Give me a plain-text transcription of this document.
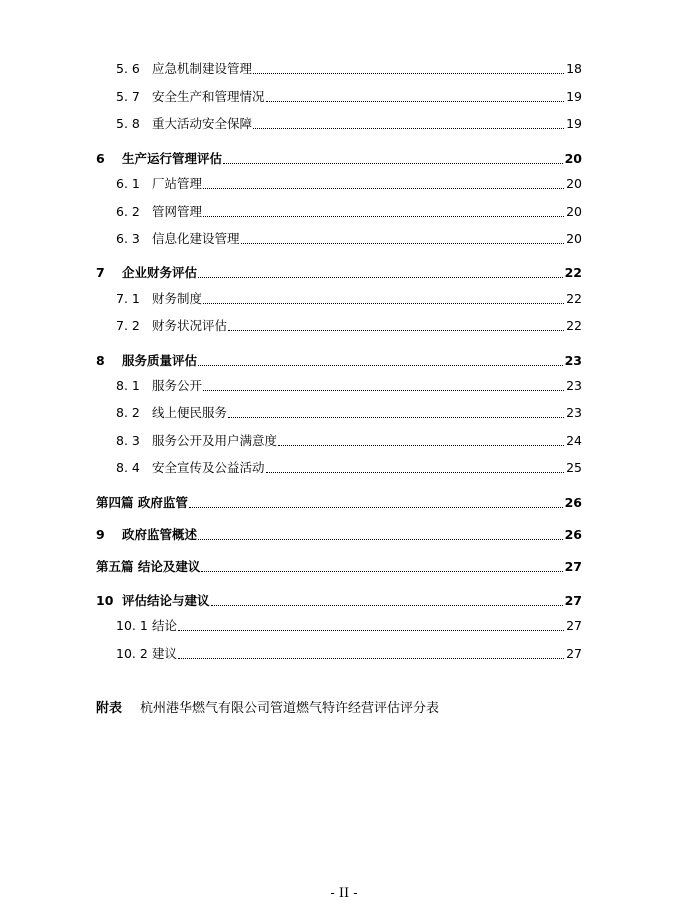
5. 6 应急机制建设管理	18
5. 7 安全生产和管理情况	19
5. 8 重大活动安全保障	19
6	生产运行管理评估	20
6. 1 厂站管理	20
6. 2 管网管理	20
6. 3 信息化建设管理	20
7	企业财务评估	22
7. 1 财务制度	22
7. 2 财务状况评估	22
8	服务质量评估	23
8. 1 服务公开	23
8. 2 线上便民服务	23
8. 3 服务公开及用户满意度	24
8. 4 安全宣传及公益活动	25
第四篇 政府监管	26
9	政府监管概述	26
第五篇 结论及建议	27
10 评估结论与建议	27
10. 1 结论	27
10. 2 建议	27
附表 杭州港华燃气有限公司管道燃气特许经营评估评分表
- II -
